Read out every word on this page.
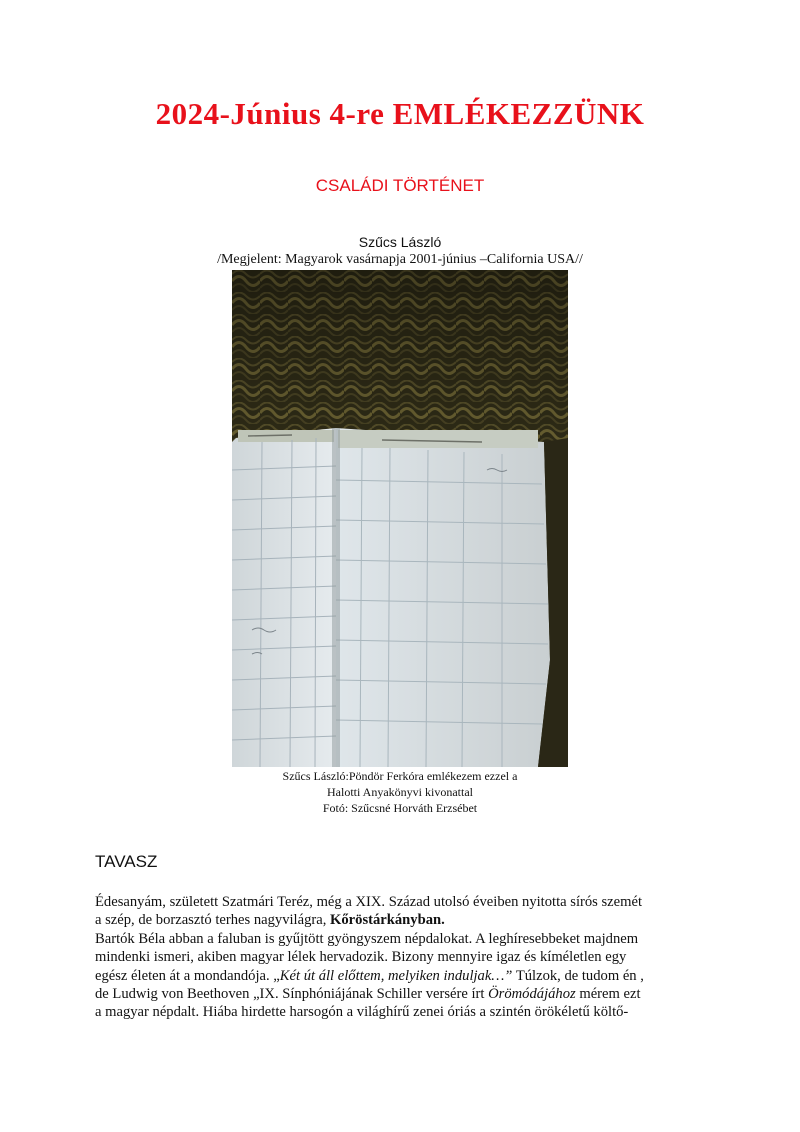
2024-Június 4-re EMLÉKEZZÜNK
CSALÁDI TÖRTÉNET
Szűcs László
/Megjelent: Magyarok vasárnapja 2001-június –California USA//
Szűcs László:Pöndör Ferkóra emlékezem ezzel a
Halotti Anyakönyvi kivonattal
Fotó: Szűcsné Horváth Erzsébet
TAVASZ
Édesanyám, született Szatmári Teréz, még a XIX. Század utolsó éveiben nyitotta sírós szemét
a szép, de borzasztó terhes nagyvilágra, Kőröstárkányban.
Bartók Béla abban a faluban is gyűjtött gyöngyszem népdalokat. A leghíresebbeket majdnem
mindenki ismeri, akiben magyar lélek hervadozik. Bizony mennyire igaz és kíméletlen egy
egész életen át a mondandója. „Két út áll előttem, melyiken induljak…” Túlzok, de tudom én ,
de Ludwig von Beethoven „IX. Sínphóniájának Schiller versére írt Örömódájához mérem ezt
a magyar népdalt. Hiába hirdette harsogón a világhírű zenei óriás a szintén örökéletű költő-
